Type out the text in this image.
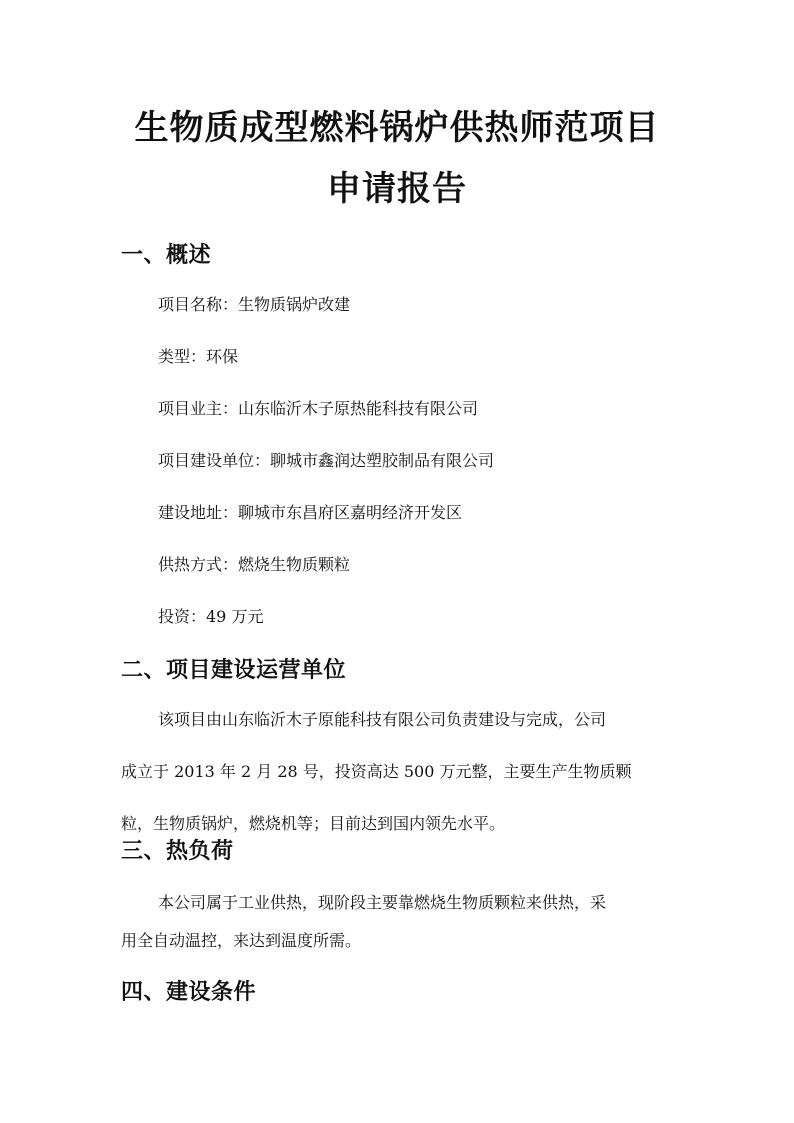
生物质成型燃料锅炉供热师范项目
申请报告
一、概述
项目名称：生物质锅炉改建
类型：环保
项目业主：山东临沂木子原热能科技有限公司
项目建设单位：聊城市鑫润达塑胶制品有限公司
建设地址：聊城市东昌府区嘉明经济开发区
供热方式：燃烧生物质颗粒
投资：49 万元
二、项目建设运营单位
该项目由山东临沂木子原能科技有限公司负责建设与完成，公司
成立于 2013 年 2 月 28 号，投资高达 500 万元整，主要生产生物质颗
粒，生物质锅炉，燃烧机等；目前达到国内领先水平。
三、热负荷
本公司属于工业供热，现阶段主要靠燃烧生物质颗粒来供热，采
用全自动温控，来达到温度所需。
四、建设条件
